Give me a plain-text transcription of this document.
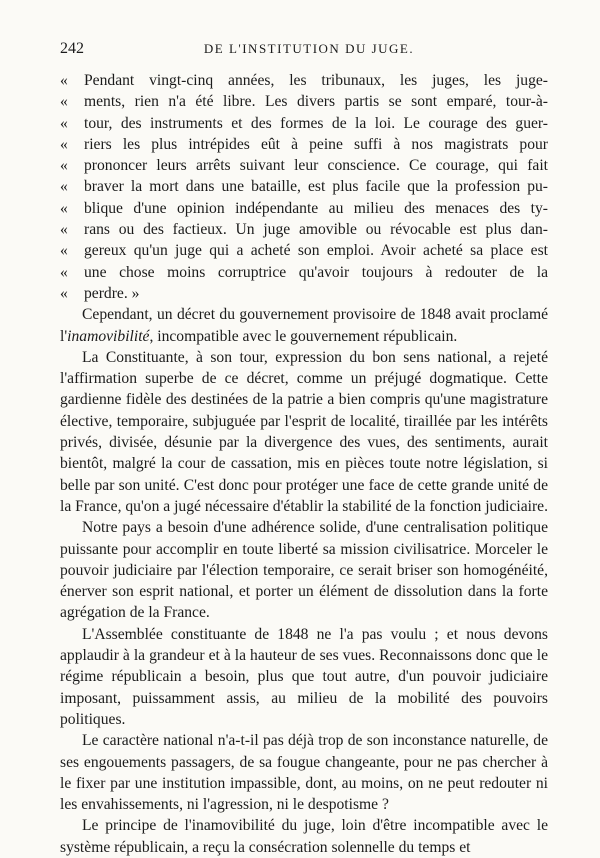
242	DE L'INSTITUTION DU JUGE.
« Pendant vingt-cinq années, les tribunaux, les juges, les juge-
« ments, rien n'a été libre. Les divers partis se sont emparé, tour-à-
« tour, des instruments et des formes de la loi. Le courage des guer-
« riers les plus intrépides eût à peine suffi à nos magistrats pour
« prononcer leurs arrêts suivant leur conscience. Ce courage, qui fait
« braver la mort dans une bataille, est plus facile que la profession pu-
« blique d'une opinion indépendante au milieu des menaces des ty-
« rans ou des factieux. Un juge amovible ou révocable est plus dan-
« gereux qu'un juge qui a acheté son emploi. Avoir acheté sa place est
« une chose moins corruptrice qu'avoir toujours à redouter de la
« perdre. »

Cependant, un décret du gouvernement provisoire de 1848 avait proclamé l'inamovibilité, incompatible avec le gouvernement républicain.

La Constituante, à son tour, expression du bon sens national, a rejeté l'affirmation superbe de ce décret, comme un préjugé dogmatique. Cette gardienne fidèle des destinées de la patrie a bien compris qu'une magistrature élective, temporaire, subjuguée par l'esprit de localité, tiraillée par les intérêts privés, divisée, désunie par la divergence des vues, des sentiments, aurait bientôt, malgré la cour de cassation, mis en pièces toute notre législation, si belle par son unité. C'est donc pour protéger une face de cette grande unité de la France, qu'on a jugé nécessaire d'établir la stabilité de la fonction judiciaire.

Notre pays a besoin d'une adhérence solide, d'une centralisation politique puissante pour accomplir en toute liberté sa mission civilisatrice. Morceler le pouvoir judiciaire par l'élection temporaire, ce serait briser son homogénéité, énerver son esprit national, et porter un élément de dissolution dans la forte agrégation de la France.

L'Assemblée constituante de 1848 ne l'a pas voulu ; et nous devons applaudir à la grandeur et à la hauteur de ses vues. Reconnaissons donc que le régime républicain a besoin, plus que tout autre, d'un pouvoir judiciaire imposant, puissamment assis, au milieu de la mobilité des pouvoirs politiques.

Le caractère national n'a-t-il pas déjà trop de son inconstance naturelle, de ses engouements passagers, de sa fougue changeante, pour ne pas chercher à le fixer par une institution impassible, dont, au moins, on ne peut redouter ni les envahissements, ni l'agression, ni le despotisme ?

Le principe de l'inamovibilité du juge, loin d'être incompatible avec le système républicain, a reçu la consécration solennelle du temps et
